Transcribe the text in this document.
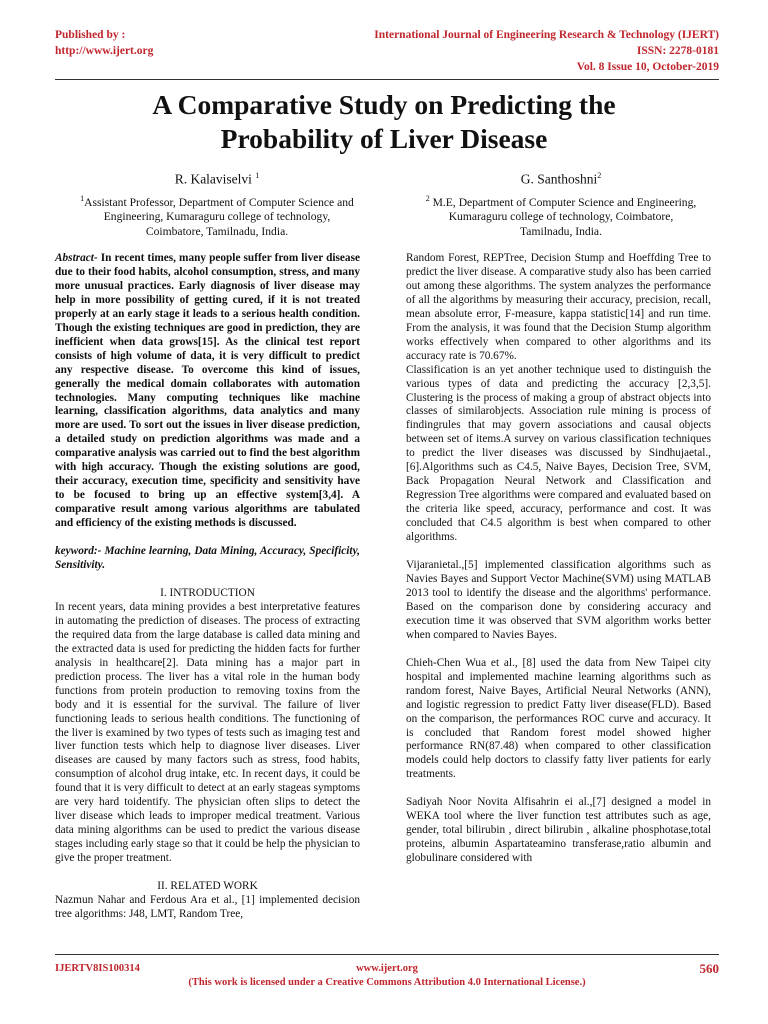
Published by :
http://www.ijert.org
International Journal of Engineering Research & Technology (IJERT)
ISSN: 2278-0181
Vol. 8 Issue 10, October-2019
A Comparative Study on Predicting the
Probability of Liver Disease
R. Kalaviselvi $^1$
$^1$Assistant Professor, Department of Computer Science and
Engineering, Kumaraguru college of technology,
Coimbatore, Tamilnadu, India.
G. Santhoshni$^2$
$^2$ M.E, Department of Computer Science and Engineering,
Kumaraguru college of technology, Coimbatore,
Tamilnadu, India.

Abstract- In recent times, many people suffer from liver disease due to their food habits, alcohol consumption, stress, and many more unusual practices. Early diagnosis of liver disease may help in more possibility of getting cured, if it is not treated properly at an early stage it leads to a serious health condition. Though the existing techniques are good in prediction, they are inefficient when data grows[15]. As the clinical test report consists of high volume of data, it is very difficult to predict any respective disease. To overcome this kind of issues, generally the medical domain collaborates with automation technologies. Many computing techniques like machine learning, classification algorithms, data analytics and many more are used. To sort out the issues in liver disease prediction, a detailed study on prediction algorithms was made and a comparative analysis was carried out to find the best algorithm with high accuracy. Though the existing solutions are good, their accuracy, execution time, specificity and sensitivity have to be focused to bring up an effective system[3,4]. A comparative result among various algorithms are tabulated and efficiency of the existing methods is discussed.

keyword:- Machine learning, Data Mining, Accuracy, Specificity, Sensitivity.

I. INTRODUCTION

In recent years, data mining provides a best interpretative features in automating the prediction of diseases. The process of extracting the required data from the large database is called data mining and the extracted data is used for predicting the hidden facts for further analysis in healthcare[2]. Data mining has a major part in prediction process. The liver has a vital role in the human body functions from protein production to removing toxins from the body and it is essential for the survival. The failure of liver functioning leads to serious health conditions. The functioning of the liver is examined by two types of tests such as imaging test and liver function tests which help to diagnose liver diseases. Liver diseases are caused by many factors such as stress, food habits, consumption of alcohol drug intake, etc. In recent days, it could be found that it is very difficult to detect at an early stageas symptoms are very hard toidentify. The physician often slips to detect the liver disease which leads to improper medical treatment. Various data mining algorithms can be used to predict the various disease stages including early stage so that it could be help the physician to give the proper treatment.

II. RELATED WORK

Nazmun Nahar and Ferdous Ara et al., [1] implemented decision tree algorithms: J48, LMT, Random Tree,

Random Forest, REPTree, Decision Stump and Hoeffding Tree to predict the liver disease. A comparative study also has been carried out among these algorithms. The system analyzes the performance of all the algorithms by measuring their accuracy, precision, recall, mean absolute error, F-measure, kappa statistic[14] and run time. From the analysis, it was found that the Decision Stump algorithm works effectively when compared to other algorithms and its accuracy rate is 70.67%.

Classification is an yet another technique used to distinguish the various types of data and predicting the accuracy [2,3,5]. Clustering is the process of making a group of abstract objects into classes of similarobjects. Association rule mining is process of findingrules that may govern associations and causal objects between set of items.A survey on various classification techniques to predict the liver diseases was discussed by Sindhujaetal., [6].Algorithms such as C4.5, Naive Bayes, Decision Tree, SVM, Back Propagation Neural Network and Classification and Regression Tree algorithms were compared and evaluated based on the criteria like speed, accuracy, performance and cost. It was concluded that C4.5 algorithm is best when compared to other algorithms.

Vijaranietal.,[5] implemented classification algorithms such as Navies Bayes and Support Vector Machine(SVM) using MATLAB 2013 tool to identify the disease and the algorithms' performance. Based on the comparison done by considering accuracy and execution time it was observed that SVM algorithm works better when compared to Navies Bayes.

Chieh-Chen Wua et al., [8] used the data from New Taipei city hospital and implemented machine learning algorithms such as random forest, Naive Bayes, Artificial Neural Networks (ANN), and logistic regression to predict Fatty liver disease(FLD). Based on the comparison, the performances ROC curve and accuracy. It is concluded that Random forest model showed higher performance RN(87.48) when compared to other classification models could help doctors to classify fatty liver patients for early treatments.

Sadiyah Noor Novita Alfisahrin ei al.,[7] designed a model in WEKA tool where the liver function test attributes such as age, gender, total bilirubin , direct bilirubin , alkaline phosphotase,total proteins, albumin Aspartateamino transferase,ratio albumin and globulinare considered with

IJERTV8IS100314	www.ijert.org	560
(This work is licensed under a Creative Commons Attribution 4.0 International License.)
